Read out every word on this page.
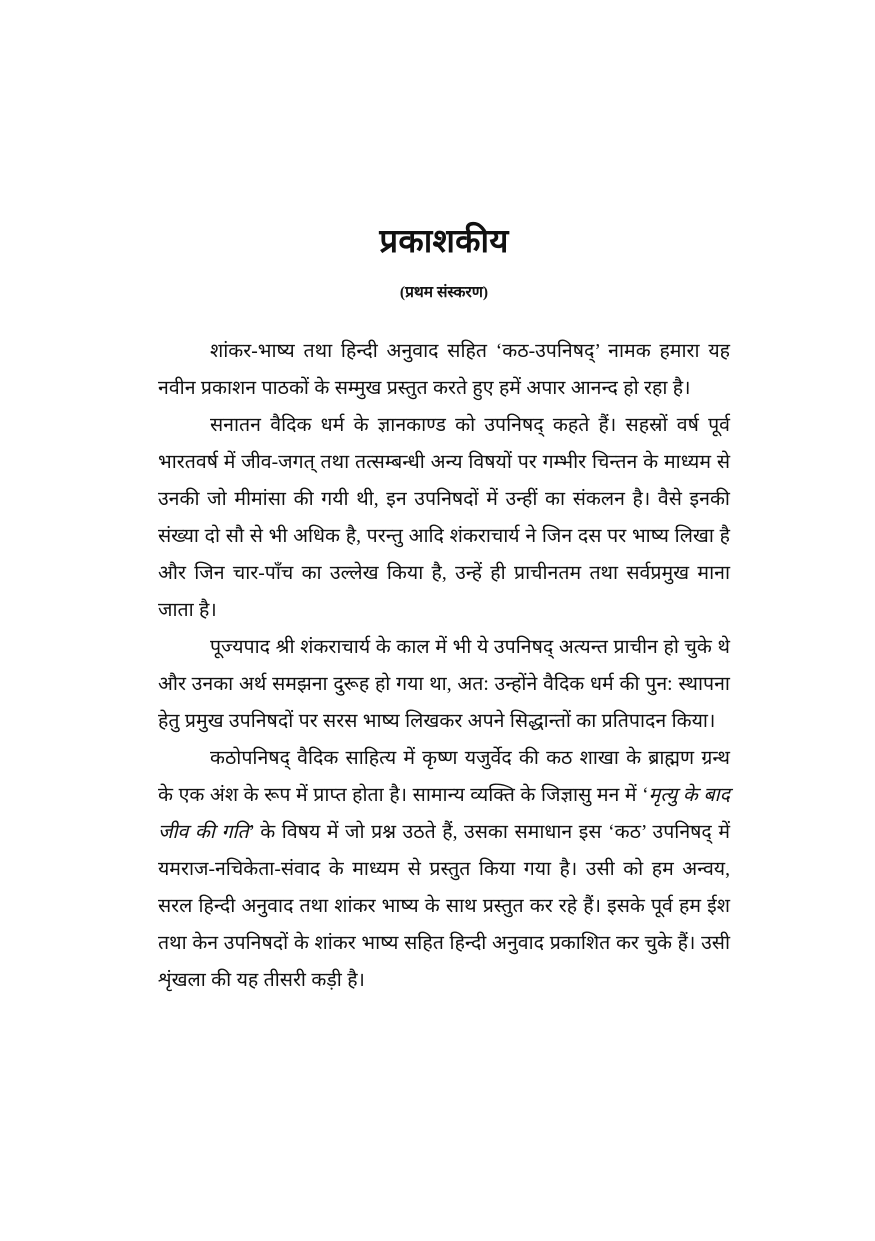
प्रकाशकीय
(प्रथम संस्करण)

शांकर-भाष्य तथा हिन्दी अनुवाद सहित ‘कठ-उपनिषद्’ नामक हमारा यह नवीन प्रकाशन पाठकों के सम्मुख प्रस्तुत करते हुए हमें अपार आनन्द हो रहा है।

सनातन वैदिक धर्म के ज्ञानकाण्ड को उपनिषद् कहते हैं। सहस्रों वर्ष पूर्व भारतवर्ष में जीव-जगत् तथा तत्सम्बन्धी अन्य विषयों पर गम्भीर चिन्तन के माध्यम से उनकी जो मीमांसा की गयी थी, इन उपनिषदों में उन्हीं का संकलन है। वैसे इनकी संख्या दो सौ से भी अधिक है, परन्तु आदि शंकराचार्य ने जिन दस पर भाष्य लिखा है और जिन चार-पाँच का उल्लेख किया है, उन्हें ही प्राचीनतम तथा सर्वप्रमुख माना जाता है।

पूज्यपाद श्री शंकराचार्य के काल में भी ये उपनिषद् अत्यन्त प्राचीन हो चुके थे और उनका अर्थ समझना दुरूह हो गया था, अत: उन्होंने वैदिक धर्म की पुन: स्थापना हेतु प्रमुख उपनिषदों पर सरस भाष्य लिखकर अपने सिद्धान्तों का प्रतिपादन किया।

कठोपनिषद् वैदिक साहित्य में कृष्ण यजुर्वेद की कठ शाखा के ब्राह्मण ग्रन्थ के एक अंश के रूप में प्राप्त होता है। सामान्य व्यक्ति के जिज्ञासु मन में ‘मृत्यु के बाद जीव की गति’ के विषय में जो प्रश्न उठते हैं, उसका समाधान इस ‘कठ’ उपनिषद् में यमराज-नचिकेता-संवाद के माध्यम से प्रस्तुत किया गया है। उसी को हम अन्वय, सरल हिन्दी अनुवाद तथा शांकर भाष्य के साथ प्रस्तुत कर रहे हैं। इसके पूर्व हम ईश तथा केन उपनिषदों के शांकर भाष्य सहित हिन्दी अनुवाद प्रकाशित कर चुके हैं। उसी शृंखला की यह तीसरी कड़ी है।
